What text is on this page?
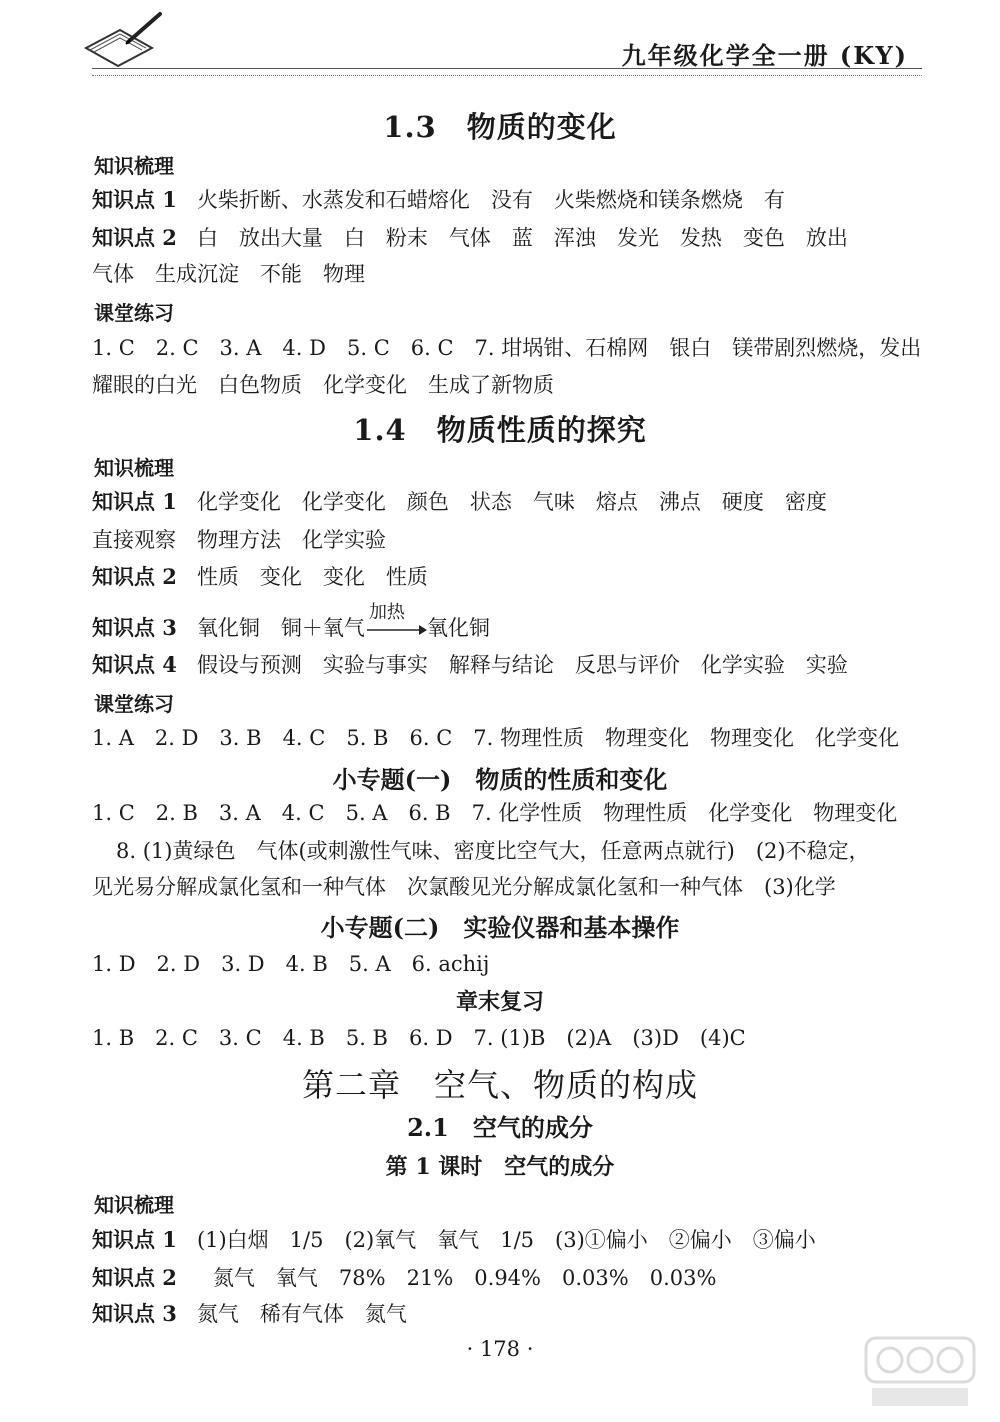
九年级化学全一册 (KY)
1.3　物质的变化
知识梳理
知识点 1 火柴折断、水蒸发和石蜡熔化　没有　火柴燃烧和镁条燃烧　有
知识点 2 白　放出大量　白　粉末　气体　蓝　浑浊　发光　发热　变色　放出
气体　生成沉淀　不能　物理
课堂练习
1. C　2. C　3. A　4. D　5. C　6. C　7. 坩埚钳、石棉网　银白　镁带剧烈燃烧，发出
耀眼的白光　白色物质　化学变化　生成了新物质
1.4　物质性质的探究
知识梳理
知识点 1 化学变化　化学变化　颜色　状态　气味　熔点　沸点　硬度　密度
直接观察　物理方法　化学实验
知识点 2 性质　变化　变化　性质
知识点 3 氧化铜　铜＋氧气
加热
氧化铜
知识点 4 假设与预测　实验与事实　解释与结论　反思与评价　化学实验　实验
课堂练习
1. A　2. D　3. B　4. C　5. B　6. C　7. 物理性质　物理变化　物理变化　化学变化
小专题(一)　物质的性质和变化
1. C　2. B　3. A　4. C　5. A　6. B　7. 化学性质　物理性质　化学变化　物理变化
8. (1)黄绿色　气体(或刺激性气味、密度比空气大，任意两点就行)　(2)不稳定，
见光易分解成氯化氢和一种气体　次氯酸见光分解成氯化氢和一种气体　(3)化学
小专题(二)　实验仪器和基本操作
1. D　2. D　3. D　4. B　5. A　6. achij
章末复习
1. B　2. C　3. C　4. B　5. B　6. D　7. (1)B　(2)A　(3)D　(4)C
第二章　空气、物质的构成
2.1　空气的成分
第 1 课时　空气的成分
知识梳理
知识点 1 (1)白烟　1/5　(2)氧气　氧气　1/5　(3)①偏小　②偏小　③偏小
知识点 2 氮气　氧气　78%　21%　0.94%　0.03%　0.03%
知识点 3 氮气　稀有气体　氮气
· 178 ·
